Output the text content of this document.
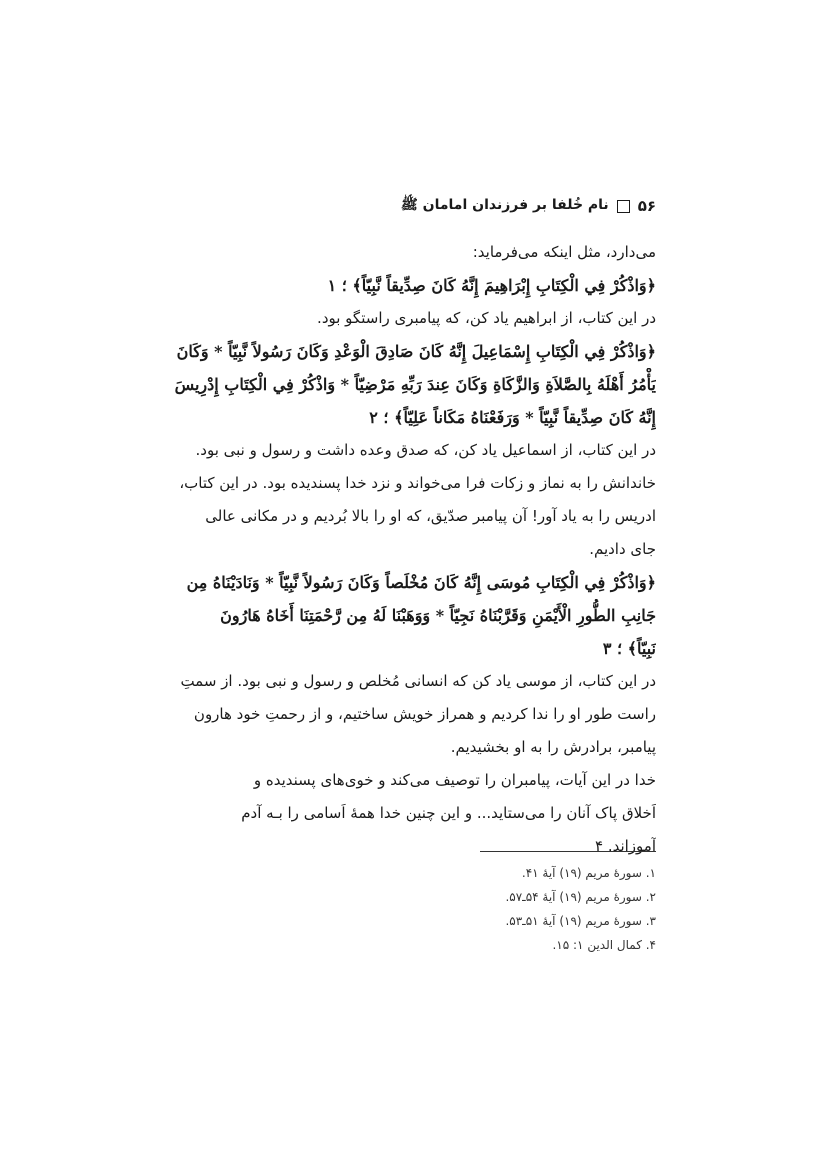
۵۶
نام خُلفا بر فرزندان امامان ﷺ
می‌دارد، مثل اینکه می‌فرماید:
﴿وَاذْكُرْ فِي الْكِتَابِ إِبْرَاهِيمَ إِنَّهُ كَانَ صِدِّيقاً نَّبِيّاً﴾ ؛ ۱
در این کتاب، از ابراهیم یاد کن، که پیامبری راستگو بود.
﴿وَاذْكُرْ فِي الْكِتَابِ إِسْمَاعِيلَ إِنَّهُ كَانَ صَادِقَ الْوَعْدِ وَكَانَ رَسُولاً نَّبِيّاً * وَكَانَ
يَأْمُرُ أَهْلَهُ بِالصَّلاَةِ وَالزَّكَاةِ وَكَانَ عِندَ رَبِّهِ مَرْضِيّاً * وَاذْكُرْ فِي الْكِتَابِ إِدْرِيسَ
إِنَّهُ كَانَ صِدِّيقاً نَّبِيّاً * وَرَفَعْنَاهُ مَكَاناً عَلِيّاً﴾ ؛ ۲
در این کتاب، از اسماعیل یاد کن، که صدق وعده داشت و رسول و نبی بود.
خاندانش را به نماز و زکات فرا می‌خواند و نزد خدا پسندیده بود. در این کتاب،
ادریس را به یاد آور! آن پیامبر صدّیق، که او را بالا بُردیم و در مکانی عالی
جای دادیم.
﴿وَاذْكُرْ فِي الْكِتَابِ مُوسَى إِنَّهُ كَانَ مُخْلَصاً وَكَانَ رَسُولاً نَّبِيّاً * وَنَادَيْنَاهُ مِن
جَانِبِ الطُّورِ الْأَيْمَنِ وَقَرَّبْنَاهُ نَجِيّاً * وَوَهَبْنَا لَهُ مِن رَّحْمَتِنَا أَخَاهُ هَارُونَ
نَبِيّاً﴾ ؛ ۳
در این کتاب، از موسی یاد کن که انسانی مُخلص و رسول و نبی بود. از سمتِ
راست طور او را ندا کردیم و همراز خویش ساختیم، و از رحمتِ خود هارون
پیامبر، برادرش را به او بخشیدیم.
خدا در این آیات، پیامبران را توصیف می‌کند و خوی‌های پسندیده و
اَخلاق پاک آنان را می‌ستاید... و این چنین خدا همهٔ اَسامی را بـه آدم
آموزاند. ۴
۱. سورهٔ مریم (۱۹) آیهٔ ۴۱.
۲. سورهٔ مریم (۱۹) آیهٔ ۵۴ـ۵۷.
۳. سورهٔ مریم (۱۹) آیهٔ ۵۱ـ۵۳.
۴. کمال الدین ۱: ۱۵.
